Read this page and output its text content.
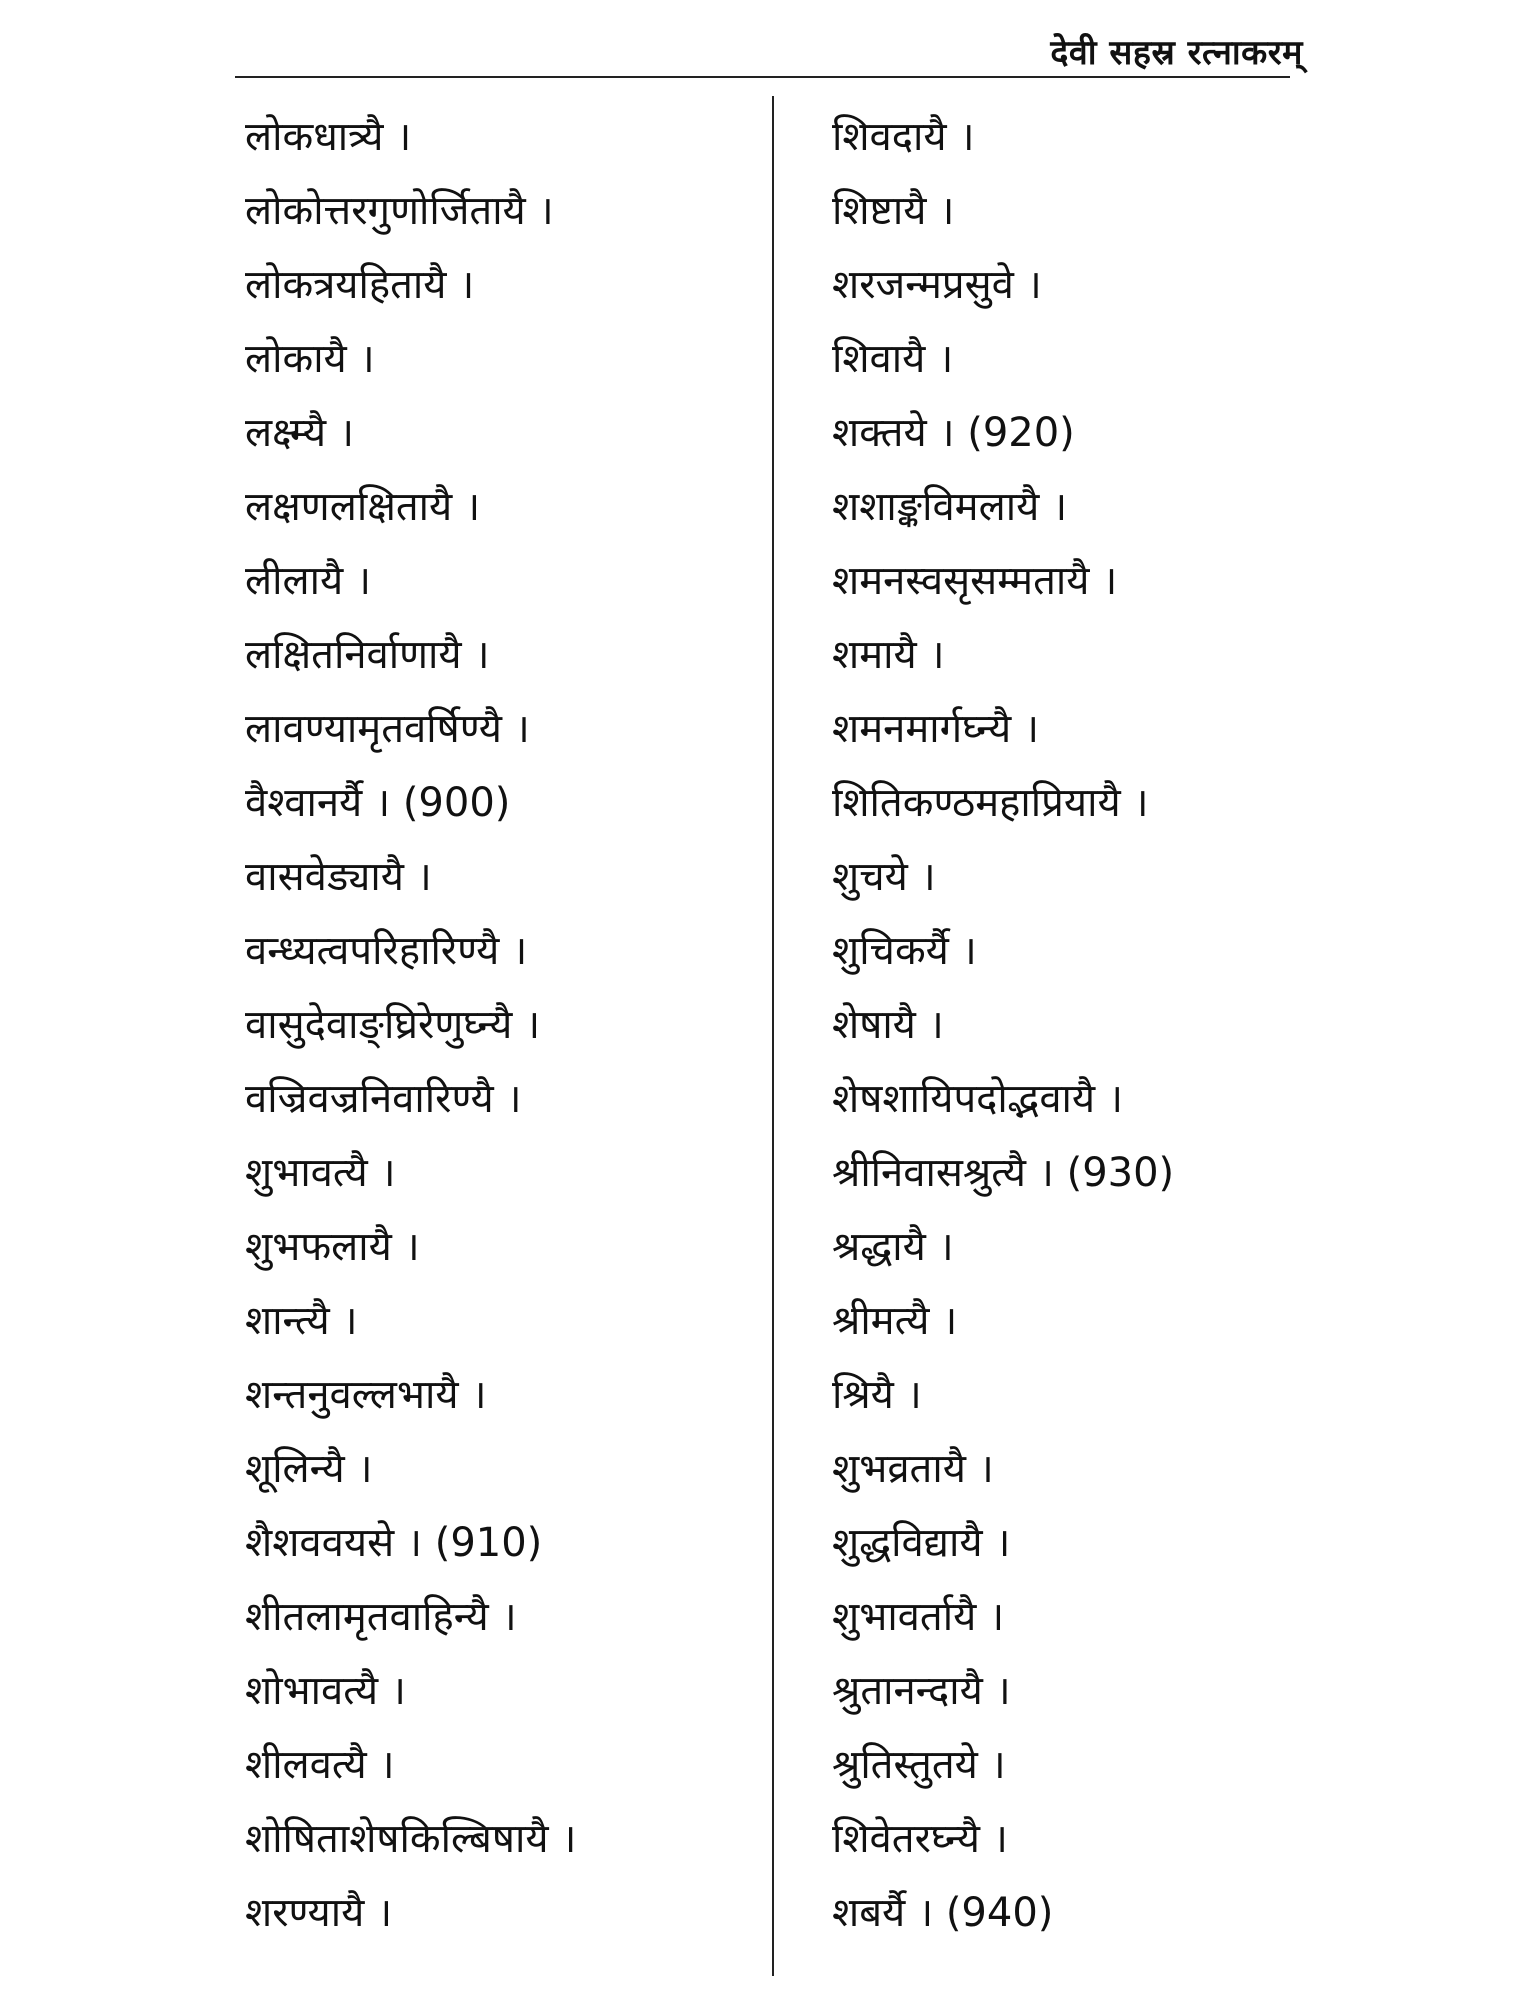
देवी सहस्र रत्नाकरम्
लोकधात्र्यै ।
लोकोत्तरगुणोर्जितायै ।
लोकत्रयहितायै ।
लोकायै ।
लक्ष्म्यै ।
लक्षणलक्षितायै ।
लीलायै ।
लक्षितनिर्वाणायै ।
लावण्यामृतवर्षिण्यै ।
वैश्वानर्यै । (900)
वासवेड्यायै ।
वन्ध्यत्वपरिहारिण्यै ।
वासुदेवाङ्घ्रिरेणुघ्न्यै ।
वज्रिवज्रनिवारिण्यै ।
शुभावत्यै ।
शुभफलायै ।
शान्त्यै ।
शन्तनुवल्लभायै ।
शूलिन्यै ।
शैशववयसे । (910)
शीतलामृतवाहिन्यै ।
शोभावत्यै ।
शीलवत्यै ।
शोषिताशेषकिल्बिषायै ।
शरण्यायै ।
शिवदायै ।
शिष्टायै ।
शरजन्मप्रसुवे ।
शिवायै ।
शक्तये । (920)
शशाङ्कविमलायै ।
शमनस्वसृसम्मतायै ।
शमायै ।
शमनमार्गघ्न्यै ।
शितिकण्ठमहाप्रियायै ।
शुचये ।
शुचिकर्यै ।
शेषायै ।
शेषशायिपदोद्भवायै ।
श्रीनिवासश्रुत्यै । (930)
श्रद्धायै ।
श्रीमत्यै ।
श्रियै ।
शुभव्रतायै ।
शुद्धविद्यायै ।
शुभावर्तायै ।
श्रुतानन्दायै ।
श्रुतिस्तुतये ।
शिवेतरघ्न्यै ।
शबर्यै । (940)
